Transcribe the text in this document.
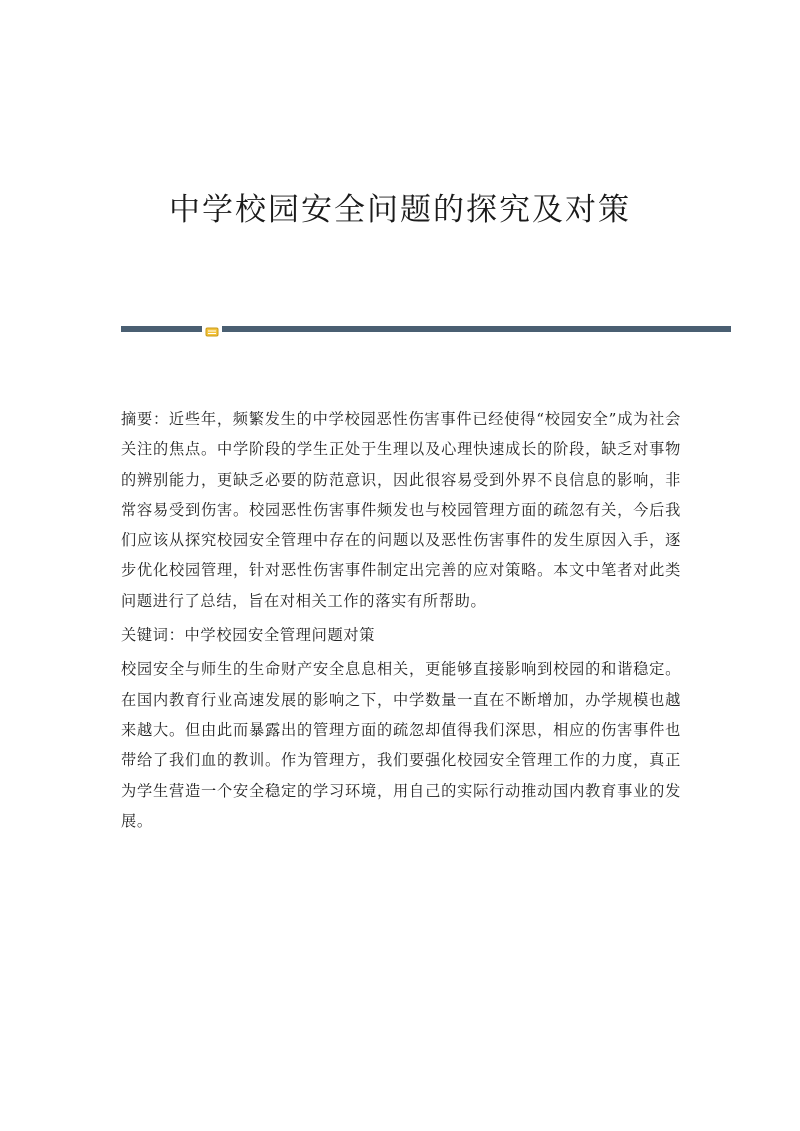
中学校园安全问题的探究及对策

摘要：近些年，频繁发生的中学校园恶性伤害事件已经使得“校园安全”成为社会关注的焦点。中学阶段的学生正处于生理以及心理快速成长的阶段，缺乏对事物的辨别能力，更缺乏必要的防范意识，因此很容易受到外界不良信息的影响，非常容易受到伤害。校园恶性伤害事件频发也与校园管理方面的疏忽有关，今后我们应该从探究校园安全管理中存在的问题以及恶性伤害事件的发生原因入手，逐步优化校园管理，针对恶性伤害事件制定出完善的应对策略。本文中笔者对此类问题进行了总结，旨在对相关工作的落实有所帮助。

关键词：中学校园安全管理问题对策

校园安全与师生的生命财产安全息息相关，更能够直接影响到校园的和谐稳定。在国内教育行业高速发展的影响之下，中学数量一直在不断增加，办学规模也越来越大。但由此而暴露出的管理方面的疏忽却值得我们深思，相应的伤害事件也带给了我们血的教训。作为管理方，我们要强化校园安全管理工作的力度，真正为学生营造一个安全稳定的学习环境，用自己的实际行动推动国内教育事业的发展。
